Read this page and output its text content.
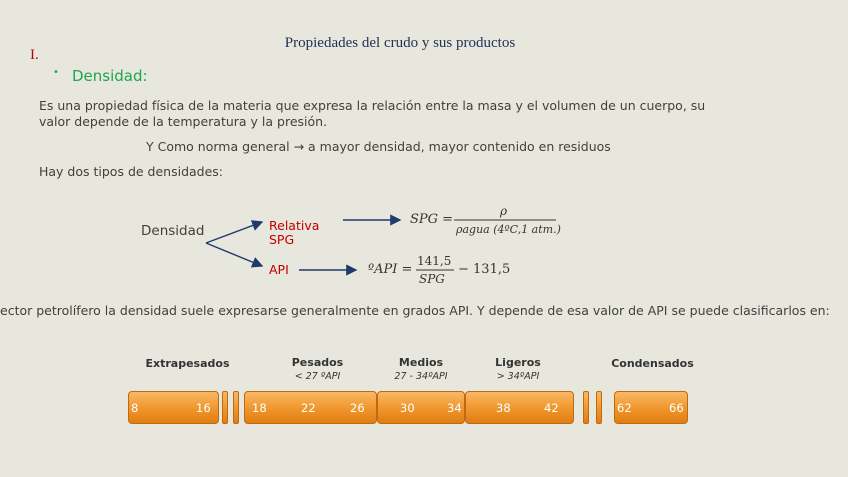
Propiedades del crudo y sus productos
I.
• Densidad:
Es una propiedad física de la materia que expresa la relación entre la masa y el volumen de un cuerpo, su valor depende de la temperatura y la presión.
Y Como norma general → a mayor densidad, mayor contenido en residuos
Hay dos tipos de densidades:
Densidad	Relativa SPG
API
SPG =
ρ
ρagua (4ºC,1 atm.)
ºAPI =
141,5
SPG
− 131,5
ector petrolífero la densidad suele expresarse generalmente en grados API. Y depende de esa valor de API se puede clasificarlos en:
Extrapesados	Pesados
< 27 ºAPI
Medios
27 - 34ºAPI
Ligeros
> 34ºAPI
Condensados
8	16	18	22	26	30	34	38	42	62	66
